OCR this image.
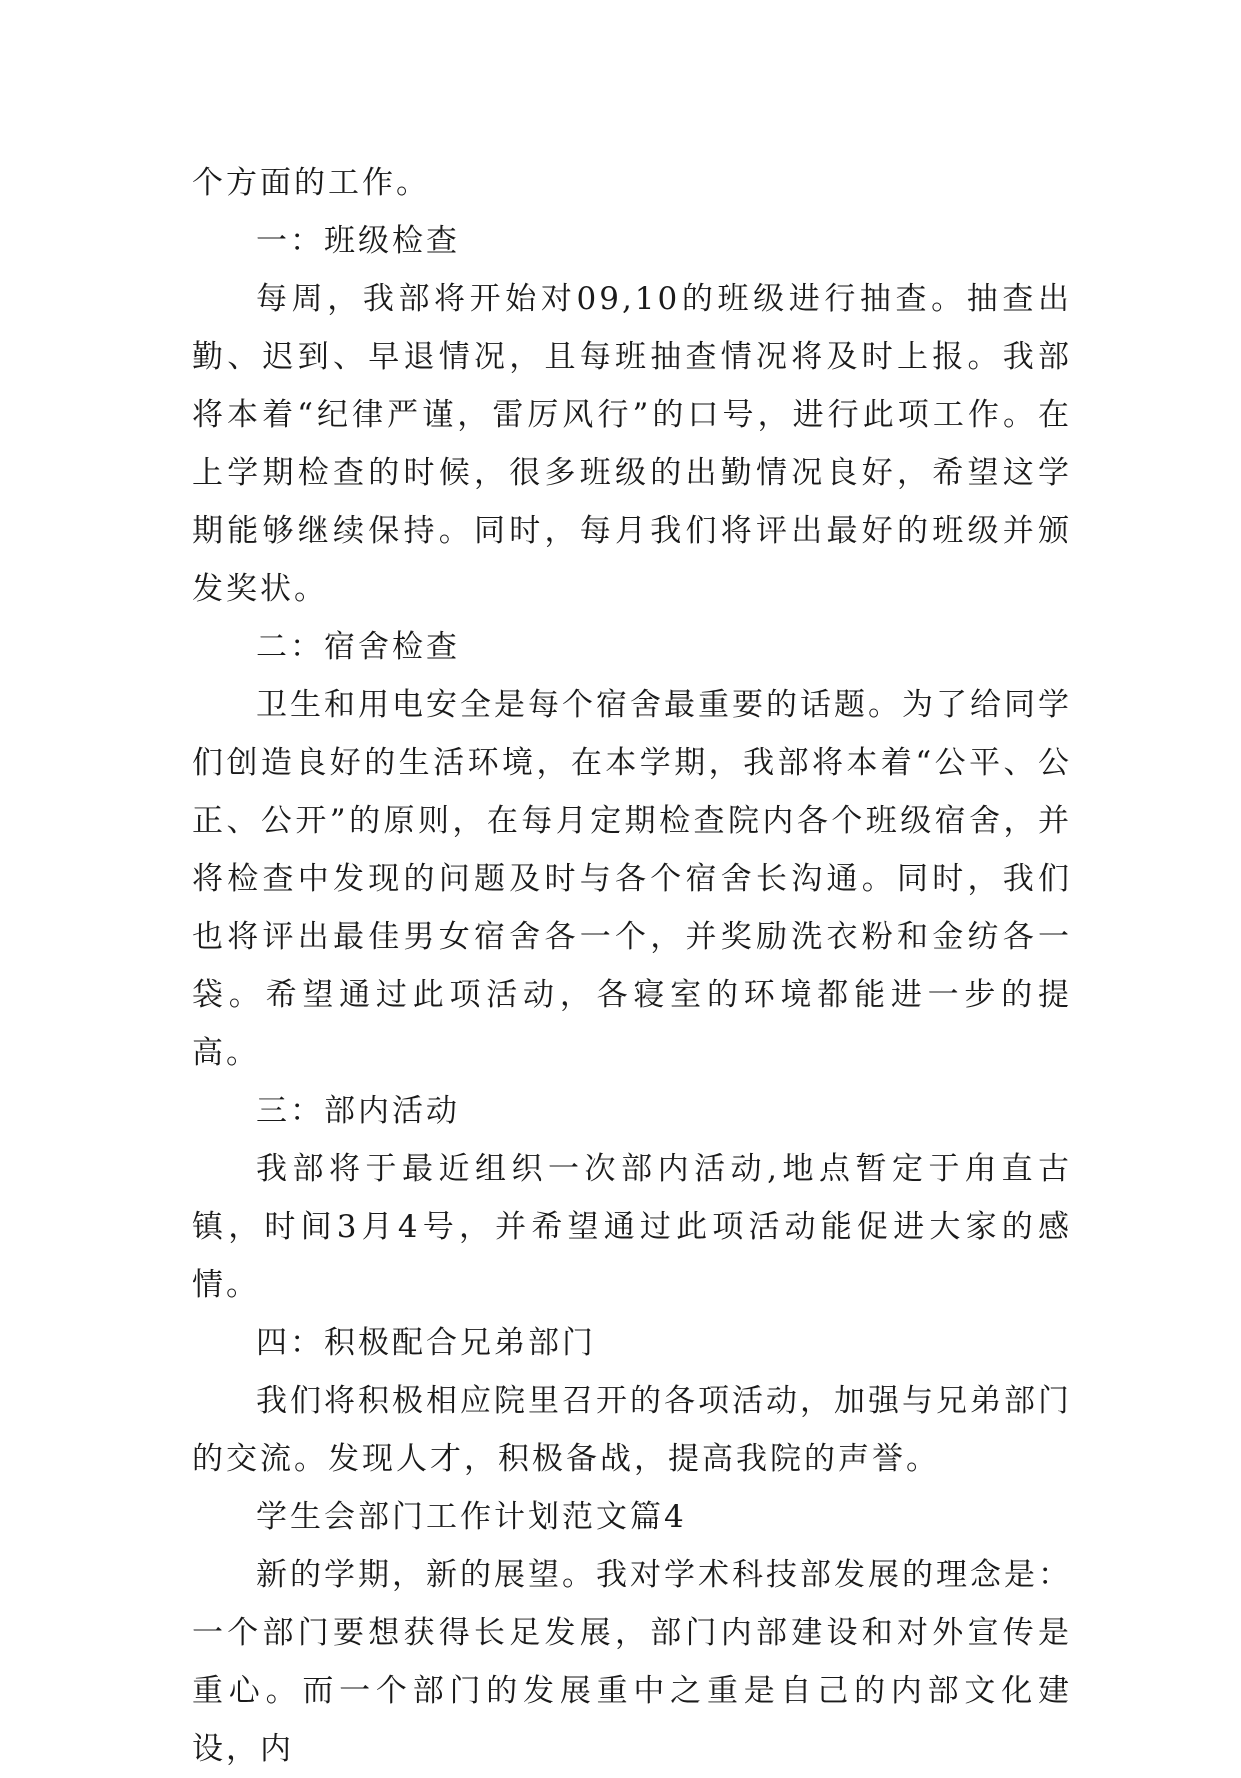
个方面的工作。

一：班级检查

每周，我部将开始对09,10的班级进行抽查。抽查出勤、迟到、早退情况，且每班抽查情况将及时上报。我部将本着“纪律严谨，雷厉风行”的口号，进行此项工作。在上学期检查的时候，很多班级的出勤情况良好，希望这学期能够继续保持。同时，每月我们将评出最好的班级并颁发奖状。

二：宿舍检查

卫生和用电安全是每个宿舍最重要的话题。为了给同学们创造良好的生活环境，在本学期，我部将本着“公平、公正、公开”的原则，在每月定期检查院内各个班级宿舍，并将检查中发现的问题及时与各个宿舍长沟通。同时，我们也将评出最佳男女宿舍各一个，并奖励洗衣粉和金纺各一袋。希望通过此项活动，各寝室的环境都能进一步的提高。

三：部内活动

我部将于最近组织一次部内活动,地点暂定于甪直古镇，时间3月4号，并希望通过此项活动能促进大家的感情。

四：积极配合兄弟部门

我们将积极相应院里召开的各项活动，加强与兄弟部门的交流。发现人才，积极备战，提高我院的声誉。

学生会部门工作计划范文篇4

新的学期，新的展望。我对学术科技部发展的理念是：一个部门要想获得长足发展，部门内部建设和对外宣传是重心。而一个部门的发展重中之重是自己的内部文化建设，内
